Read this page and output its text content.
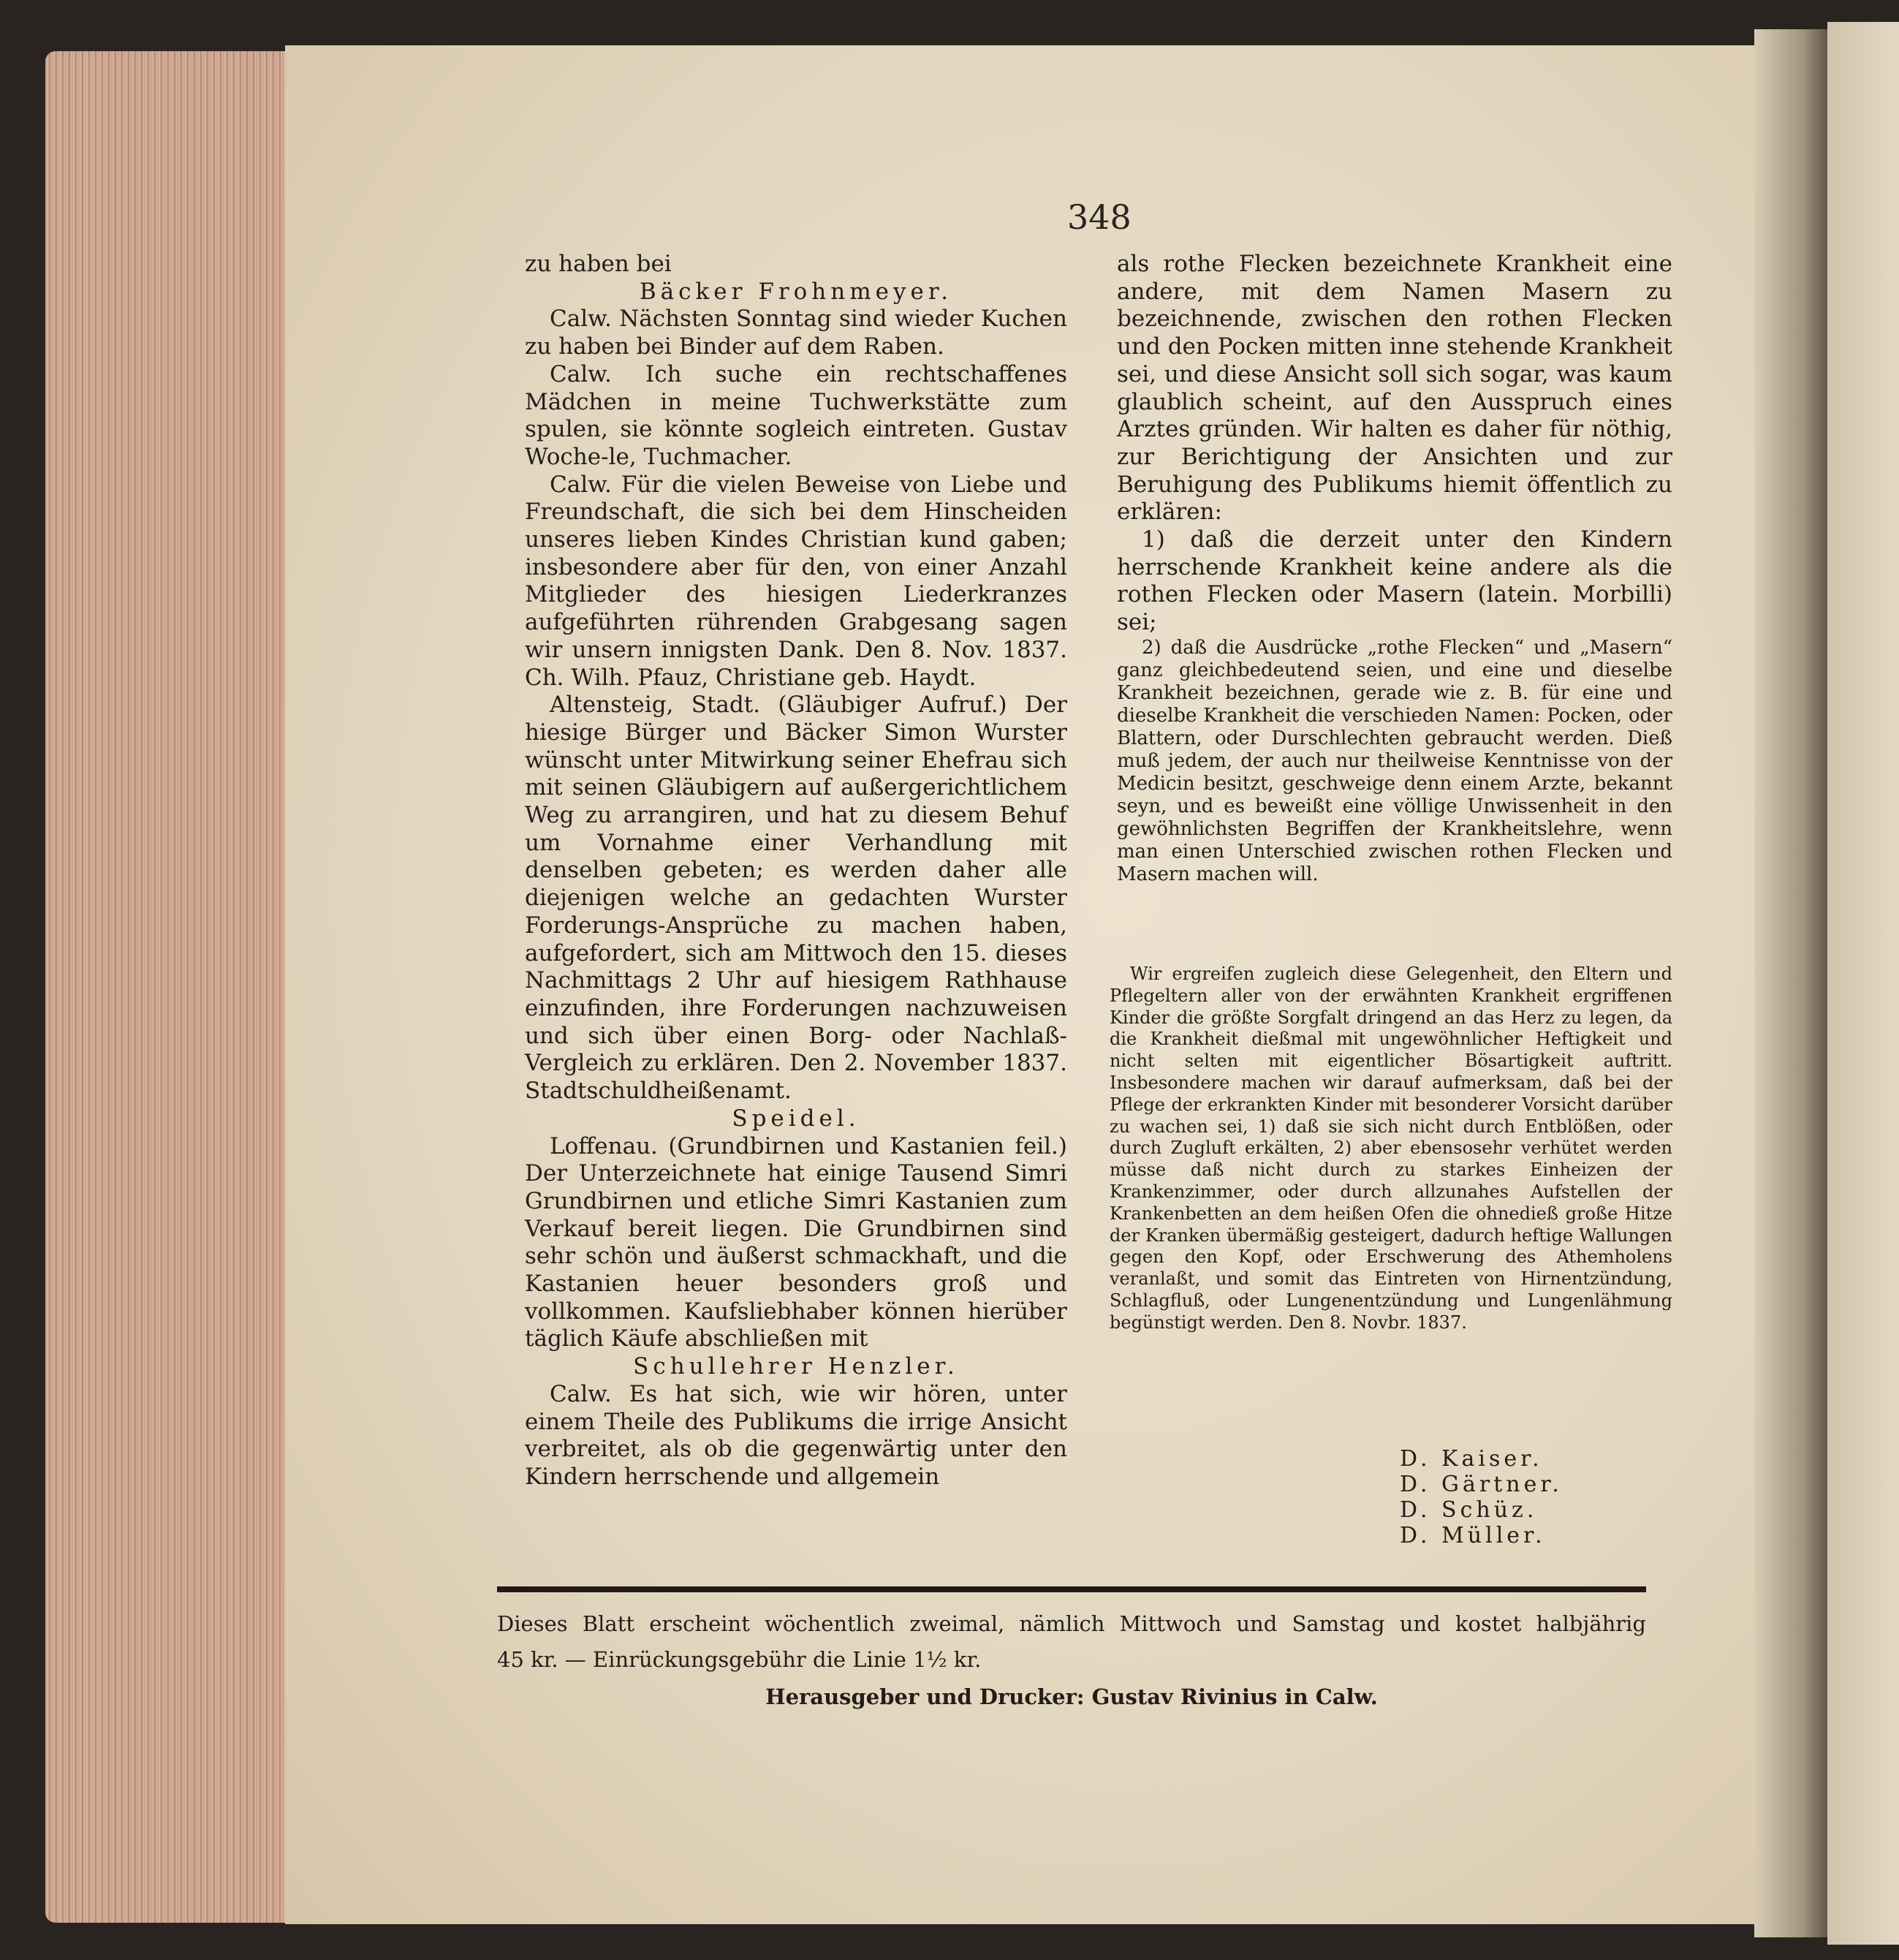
348

zu haben bei

Bäcker Frohnmeyer.

Calw. Nächsten Sonntag sind wieder Kuchen zu haben bei Binder auf dem Raben.

Calw. Ich suche ein rechtschaffenes Mädchen in meine Tuchwerkstätte zum spulen, sie könnte sogleich eintreten. Gustav Woche-le, Tuchmacher.

Calw. Für die vielen Beweise von Liebe und Freundschaft, die sich bei dem Hinscheiden unseres lieben Kindes Christian kund gaben; insbesondere aber für den, von einer Anzahl Mitglieder des hiesigen Liederkranzes aufgeführten rührenden Grabgesang sagen wir unsern innigsten Dank. Den 8. Nov. 1837. Ch. Wilh. Pfauz, Christiane geb. Haydt.

Altensteig, Stadt. (Gläubiger Aufruf.) Der hiesige Bürger und Bäcker Simon Wurster wünscht unter Mitwirkung seiner Ehefrau sich mit seinen Gläubigern auf außergerichtlichem Weg zu arrangiren, und hat zu diesem Behuf um Vornahme einer Verhandlung mit denselben gebeten; es werden daher alle diejenigen welche an gedachten Wurster Forderungs-Ansprüche zu machen haben, aufgefordert, sich am Mittwoch den 15. dieses Nachmittags 2 Uhr auf hiesigem Rathhause einzufinden, ihre Forderungen nachzuweisen und sich über einen Borg- oder Nachlaß-Vergleich zu erklären. Den 2. November 1837. Stadtschuldheißenamt.

Speidel.

Loffenau. (Grundbirnen und Kastanien feil.) Der Unterzeichnete hat einige Tausend Simri Grundbirnen und etliche Simri Kastanien zum Verkauf bereit liegen. Die Grundbirnen sind sehr schön und äußerst schmackhaft, und die Kastanien heuer besonders groß und vollkommen. Kaufsliebhaber können hierüber täglich Käufe abschließen mit

Schullehrer Henzler.

Calw. Es hat sich, wie wir hören, unter einem Theile des Publikums die irrige Ansicht verbreitet, als ob die gegenwärtig unter den Kindern herrschende und allgemein

als rothe Flecken bezeichnete Krankheit eine andere, mit dem Namen Masern zu bezeichnende, zwischen den rothen Flecken und den Pocken mitten inne stehende Krankheit sei, und diese Ansicht soll sich sogar, was kaum glaublich scheint, auf den Ausspruch eines Arztes gründen. Wir halten es daher für nöthig, zur Berichtigung der Ansichten und zur Beruhigung des Publikums hiemit öffentlich zu erklären:

1) daß die derzeit unter den Kindern herrschende Krankheit keine andere als die rothen Flecken oder Masern (latein. Morbilli) sei;

2) daß die Ausdrücke „rothe Flecken“ und „Masern“ ganz gleichbedeutend seien, und eine und dieselbe Krankheit bezeichnen, gerade wie z. B. für eine und dieselbe Krankheit die verschieden Namen: Pocken, oder Blattern, oder Durschlechten gebraucht werden. Dieß muß jedem, der auch nur theilweise Kenntnisse von der Medicin besitzt, geschweige denn einem Arzte, bekannt seyn, und es beweißt eine völlige Unwissenheit in den gewöhnlichsten Begriffen der Krankheitslehre, wenn man einen Unterschied zwischen rothen Flecken und Masern machen will.

Wir ergreifen zugleich diese Gelegenheit, den Eltern und Pflegeltern aller von der erwähnten Krankheit ergriffenen Kinder die größte Sorgfalt dringend an das Herz zu legen, da die Krankheit dießmal mit ungewöhnlicher Heftigkeit und nicht selten mit eigentlicher Bösartigkeit auftritt. Insbesondere machen wir darauf aufmerksam, daß bei der Pflege der erkrankten Kinder mit besonderer Vorsicht darüber zu wachen sei, 1) daß sie sich nicht durch Entblößen, oder durch Zugluft erkälten, 2) aber ebensosehr verhütet werden müsse daß nicht durch zu starkes Einheizen der Krankenzimmer, oder durch allzunahes Aufstellen der Krankenbetten an dem heißen Ofen die ohnedieß große Hitze der Kranken übermäßig gesteigert, dadurch heftige Wallungen gegen den Kopf, oder Erschwerung des Athemholens veranlaßt, und somit das Eintreten von Hirnentzündung, Schlagfluß, oder Lungenentzündung und Lungenlähmung begünstigt werden. Den 8. Novbr. 1837.

D. Kaiser.
D. Gärtner.
D. Schüz.
D. Müller.
Dieses Blatt erscheint wöchentlich zweimal, nämlich Mittwoch und Samstag und kostet halbjährig
45 kr. — Einrückungsgebühr die Linie 1½ kr.
Herausgeber und Drucker: Gustav Rivinius in Calw.
